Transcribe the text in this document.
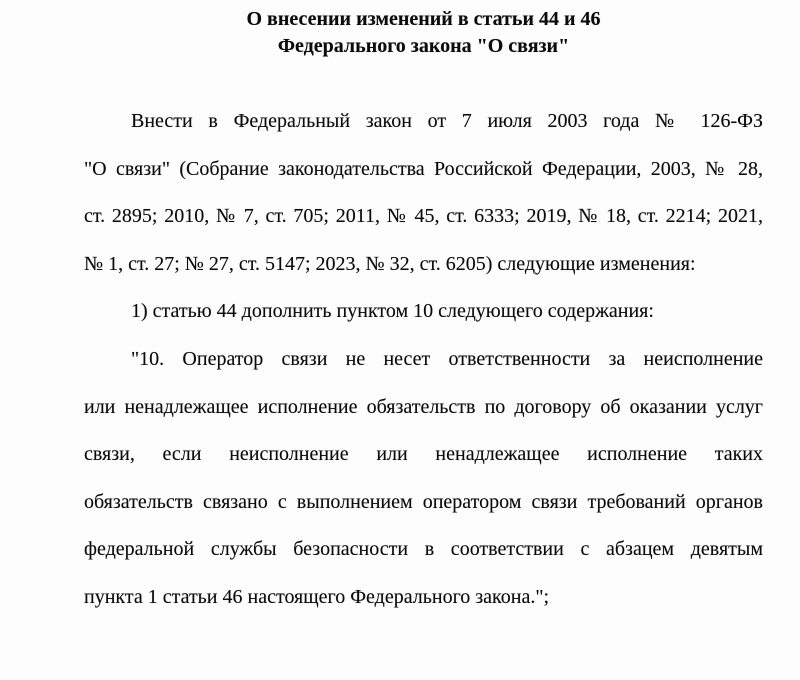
О внесении изменений в статьи 44 и 46
Федерального закона "О связи"
Внести в Федеральный закон от 7 июля 2003 года № 126-ФЗ
"О связи" (Собрание законодательства Российской Федерации, 2003, № 28,
ст. 2895; 2010, № 7, ст. 705; 2011, № 45, ст. 6333; 2019, № 18, ст. 2214; 2021,
№ 1, ст. 27; № 27, ст. 5147; 2023, № 32, ст. 6205) следующие изменения:
1) статью 44 дополнить пунктом 10 следующего содержания:
"10. Оператор связи не несет ответственности за неисполнение
или ненадлежащее исполнение обязательств по договору об оказании услуг
связи, если неисполнение или ненадлежащее исполнение таких
обязательств связано с выполнением оператором связи требований органов
федеральной службы безопасности в соответствии с абзацем девятым
пункта 1 статьи 46 настоящего Федерального закона.";
